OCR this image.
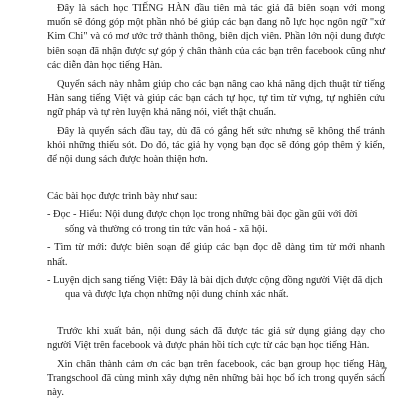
Đây là sách học TIẾNG HÀN đầu tiên mà tác giả đã biên soạn với mong muốn sẽ đóng góp một phần nhỏ bé giúp các bạn đang nỗ lực học ngôn ngữ "xứ Kim Chi" và có mơ ước trở thành thông, biên dịch viên. Phần lớn nội dung được biên soạn đã nhận được sự góp ý chân thành của các bạn trên facebook cũng như các diễn đàn học tiếng Hàn.

Quyển sách này nhằm giúp cho các bạn nâng cao khả năng dịch thuật từ tiếng Hàn sang tiếng Việt và giúp các bạn cách tự học, tự tìm từ vựng, tự nghiên cứu ngữ pháp và tự rèn luyện khả năng nói, viết thật chuẩn.

Đây là quyển sách đầu tay, dù đã có gắng hết sức nhưng sẽ không thể tránh khỏi những thiếu sót. Do đó, tác giả hy vọng bạn đọc sẽ đóng góp thêm ý kiến, để nội dung sách được hoàn thiện hơn.

Các bài học được trình bày như sau:

- Đọc - Hiểu: Nội dung được chọn lọc trong những bài đọc gần gũi với đời
sống và thường có trong tin tức văn hoá - xã hội.

- Tìm từ mới: được biên soạn để giúp các bạn đọc dễ dàng tìm từ mới nhanh nhất.

- Luyện dịch sang tiếng Việt: Đây là bài dịch được cộng đồng người Việt đã dịch
qua và được lựa chọn những nội dung chính xác nhất.

Trước khi xuất bản, nội dung sách đã được tác giả sử dụng giảng dạy cho người Việt trên facebook và được phản hồi tích cực từ các bạn học tiếng Hàn.

Xin chân thành cảm ơn các bạn trên facebook, các bạn group học tiếng Hàn Trangschool đã cùng mình xây dựng nên những bài học bổ ích trong quyển sách này.

7
